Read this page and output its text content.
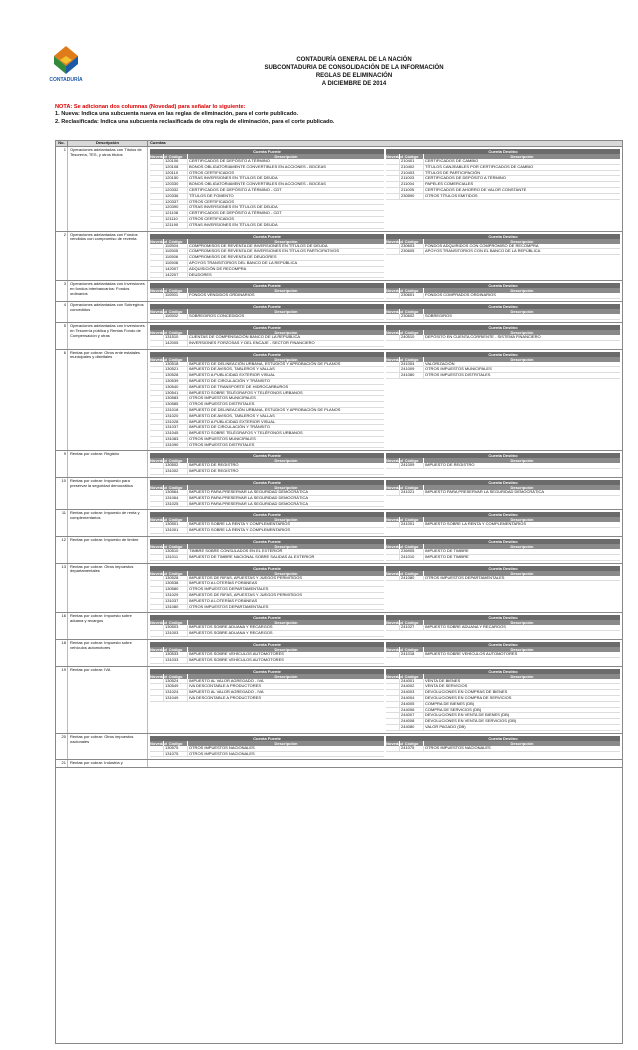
CONTADURÍA
CONTADURÍA GENERAL DE LA NACIÓN
SUBCONTADURIA DE CONSOLIDACIÓN DE LA INFORMACIÓN
REGLAS DE ELIMINACIÓN
A DICIEMBRE DE 2014
NOTA: Se adicionan dos columnas (Novedad) para señalar lo siguiente:
1. Nueva: Indica una subcuenta nueva en las reglas de eliminación, para el corte publicado.
2. Reclasificada: Indica una subcuenta reclasificada de otra regla de eliminación, para el corte publicado.
No.	Descripción	Cuentas
1	Operaciones adelantadas con Títulos de Tesorería, TES, y otros títulos
Cuenta Fuente
Novedad Código	Descripción
120106	CERTIFICADOS DE DEPÓSITO A TÉRMINO
120108	BONOS OBLIGATORIAMENTE CONVERTIBLES EN ACCIONES - BOCEAS
120110	OTROS CERTIFICADOS
120150	OTRAS INVERSIONES EN TÍTULOS DE DEUDA
120330	BONOS OBLIGATORIAMENTE CONVERTIBLES EN ACCIONES - BOCEAS
120332	CERTIFICADOS DE DEPÓSITO A TÉRMINO - CDT
120336	TÍTULOS DE FOMENTO
120337	OTROS CERTIFICADOS
120390	OTRAS INVERSIONES EN TÍTULOS DE DEUDA
121108	CERTIFICADOS DE DEPÓSITO A TÉRMINO - CDT
121110	OTROS CERTIFICADOS
121190	OTRAS INVERSIONES EN TÍTULOS DE DEUDA
Cuenta Destino
Novedad Código	Descripción
210401	CERTIFICADOS DE CAMBIO
210402	TÍTULOS CANJEABLES POR CERTIFICADOS DE CAMBIO
210403	TÍTULOS DE PARTICIPACIÓN
211003	CERTIFICADOS DE DEPÓSITO A TÉRMINO
211004	PAPELES COMERCIALES
211005	CERTIFICADOS DE AHORRO DE VALOR CONSTANTE
230590	OTROS TÍTULOS EMITIDOS
2	Operaciones adelantadas con Fondos vendidos con compromiso de reventa
Cuenta Fuente
Novedad Código	Descripción
110504	COMPROMISOS DE REVENTA DE INVERSIONES EN TÍTULOS DE DEUDA
110505	COMPROMISOS DE REVENTA DE INVERSIONES EN TÍTULOS PARTICIPATIVOS
110506	COMPROMISOS DE REVENTA DE DEUDORES
110508	APOYOS TRANSITORIOS DEL BANCO DE LA REPÚBLICA
142007	ADQUISICIÓN DE RECOMPRA
142207	DEUDORES
Cuenta Destino
Novedad Código	Descripción
230603	FONDOS ADQUIRIDOS CON COMPROMISO DE RECOMPRA
230605	APOYOS TRANSITORIOS CON EL BANCO DE LA REPÚBLICA
3	Operaciones adelantadas con Inversiones en fondos interbancarios: Fondos ordinarios
Cuenta Fuente
Novedad Código	Descripción
110501	FONDOS VENDIDOS ORDINARIOS
Cuenta Destino
Novedad Código	Descripción
230601	FONDOS COMPRADOS ORDINARIOS
4	Operaciones adelantadas con Sobregiros concedidos
Cuenta Fuente
Novedad Código	Descripción
110502	SOBREGIROS CONCEDIDOS
Cuenta Destino
Novedad Código	Descripción
230602	SOBREGIROS
5	Operaciones adelantadas con Inversiones en Tesorería pública y Rentas Fondo de Compensación y otras
Cuenta Fuente
Novedad Código	Descripción
131510	CUENTAS DE COMPENSACIÓN BANCO DE LA REPÚBLICA
142005	INVERSIONES FORZOSAS Y DEL ENCAJE - SECTOR FINANCIERO
Cuenta Destino
Novedad Código	Descripción
240510	DEPÓSITO EN CUENTA CORRIENTE - SISTEMA FINANCIERO
6	Rentas por cobrar: Otros ente estatales municipales y distritales
Cuenta Fuente
Novedad Código	Descripción
130518	IMPUESTO DE DELINEACIÓN URBANA, ESTUDIOS Y APROBACIÓN DE PLANOS
130521	IMPUESTO DE AVISOS, TABLEROS Y VALLAS
130528	IMPUESTO A PUBLICIDAD EXTERIOR VISUAL
130539	IMPUESTO DE CIRCULACIÓN Y TRÁNSITO
130540	IMPUESTO DE TRANSPORTE DE HIDROCARBUROS
130541	IMPUESTO SOBRE TELÉGRAFOS Y TELÉFONOS URBANOS
130583	OTROS IMPUESTOS MUNICIPALES
130585	OTROS IMPUESTOS DISTRITALES
131018	IMPUESTO DE DELINEACIÓN URBANA, ESTUDIOS Y APROBACIÓN DE PLANOS
131020	IMPUESTO DE AVISOS, TABLEROS Y VALLAS
131028	IMPUESTO A PUBLICIDAD EXTERIOR VISUAL
131037	IMPUESTO DE CIRCULACIÓN Y TRÁNSITO
131045	IMPUESTO SOBRE TELÉGRAFOS Y TELÉFONOS URBANOS
131083	OTROS IMPUESTOS MUNICIPALES
131090	OTROS IMPUESTOS DISTRITALES
Cuenta Destino
Novedad Código	Descripción
241004	VALORIZACIÓN
241009	OTROS IMPUESTOS MUNICIPALES
241080	OTROS IMPUESTOS DISTRITALES
9	Rentas por cobrar: Registro	Cuenta Fuente
Novedad Código	Descripción
130502	IMPUESTO DE REGISTRO
131002	IMPUESTO DE REGISTRO
Cuenta Destino
Novedad Código	Descripción
241009	IMPUESTO DE REGISTRO
10	Rentas por cobrar: Impuesto para preservar la seguridad democrática
Cuenta Fuente
Novedad Código	Descripción
130564	IMPUESTO PARA PRESERVAR LA SEGURIDAD DEMOCRÁTICA
131064	IMPUESTO PARA PRESERVAR LA SEGURIDAD DEMOCRÁTICA
131025	IMPUESTO PARA PRESERVAR LA SEGURIDAD DEMOCRÁTICA
Cuenta Destino
Novedad Código	Descripción
241021	IMPUESTO PARA PRESERVAR LA SEGURIDAD DEMOCRÁTICA
11	Rentas por cobrar: Impuesto de renta y complementarios
Cuenta Fuente
Novedad Código	Descripción
130501	IMPUESTO SOBRE LA RENTA Y COMPLEMENTARIOS
131001	IMPUESTO SOBRE LA RENTA Y COMPLEMENTARIOS
Cuenta Destino
Novedad Código	Descripción
241001	IMPUESTO SOBRE LA RENTA Y COMPLEMENTARIOS
12	Rentas por cobrar: Impuesto de timbre	Cuenta Fuente
Novedad Código	Descripción
130510	TIMBRE SOBRE CONSULADOS EN EL EXTERIOR
131011	IMPUESTO DE TIMBRE NACIONAL SOBRE SALIDAS AL EXTERIOR
Cuenta Destino
Novedad Código	Descripción
236905	IMPUESTO DE TIMBRE
241010	IMPUESTO DE TIMBRE
13	Rentas por cobrar: Otros impuestos departamentales
Cuenta Fuente
Novedad Código	Descripción
130528	IMPUESTOS DE RIFAS, APUESTAS Y JUEGOS PERMITIDOS
130538	IMPUESTO A LOTERÍAS FORÁNEAS
130580	OTROS IMPUESTOS DEPARTAMENTALES
131029	IMPUESTOS DE RIFAS, APUESTAS Y JUEGOS PERMITIDOS
131037	IMPUESTO A LOTERÍAS FORÁNEAS
131080	OTROS IMPUESTOS DEPARTAMENTALES
Cuenta Destino
Novedad Código	Descripción
241080	OTROS IMPUESTOS DEPARTAMENTALES
16	Rentas por cobrar: Impuesto sobre aduana y recargos
Cuenta Fuente
Novedad Código	Descripción
130503	IMPUESTOS SOBRE ADUANA Y RECARGOS
131003	IMPUESTOS SOBRE ADUANA Y RECARGOS
Cuenta Destino
Novedad Código	Descripción
241027	IMPUESTO SOBRE ADUANA Y RECARGOS
18	Rentas por cobrar: Impuesto sobre vehículos automotores
Cuenta Fuente
Novedad Código	Descripción
130533	IMPUESTOS SOBRE VEHÍCULOS AUTOMOTORES
131033	IMPUESTOS SOBRE VEHÍCULOS AUTOMOTORES
Cuenta Destino
Novedad Código	Descripción
241018	IMPUESTO SOBRE VEHÍCULOS AUTOMOTORES
19	Rentas por cobrar: IVA	Cuenta Fuente
Novedad Código	Descripción
130524	IMPUESTO AL VALOR AGREGADO - IVA
130549	IVA DESCONTABLE A PRODUCTORES
131024	IMPUESTO AL VALOR AGREGADO - IVA
131049	IVA DESCONTABLE A PRODUCTORES
Cuenta Destino
Novedad Código	Descripción
244001	VENTA DE BIENES
244002	VENTA DE SERVICIOS
244003	DEVOLUCIONES EN COMPRAS DE BIENES
244004	DEVOLUCIONES EN COMPRA DE SERVICIOS
244005	COMPRA DE BIENES (DB)
244006	COMPRA DE SERVICIOS (DB)
244007	DEVOLUCIONES EN VENTA DE BIENES (DB)
244008	DEVOLUCIONES EN VENTA DE SERVICIOS (DB)
244080	VALOR PAGADO (DB)
20	Rentas por cobrar: Otros impuestos nacionales
Cuenta Fuente
Novedad Código	Descripción
130575	OTROS IMPUESTOS NACIONALES
131075	OTROS IMPUESTOS NACIONALES
Cuenta Destino
Novedad Código	Descripción
241075	OTROS IMPUESTOS NACIONALES
21	Rentas por cobrar: Industria y
